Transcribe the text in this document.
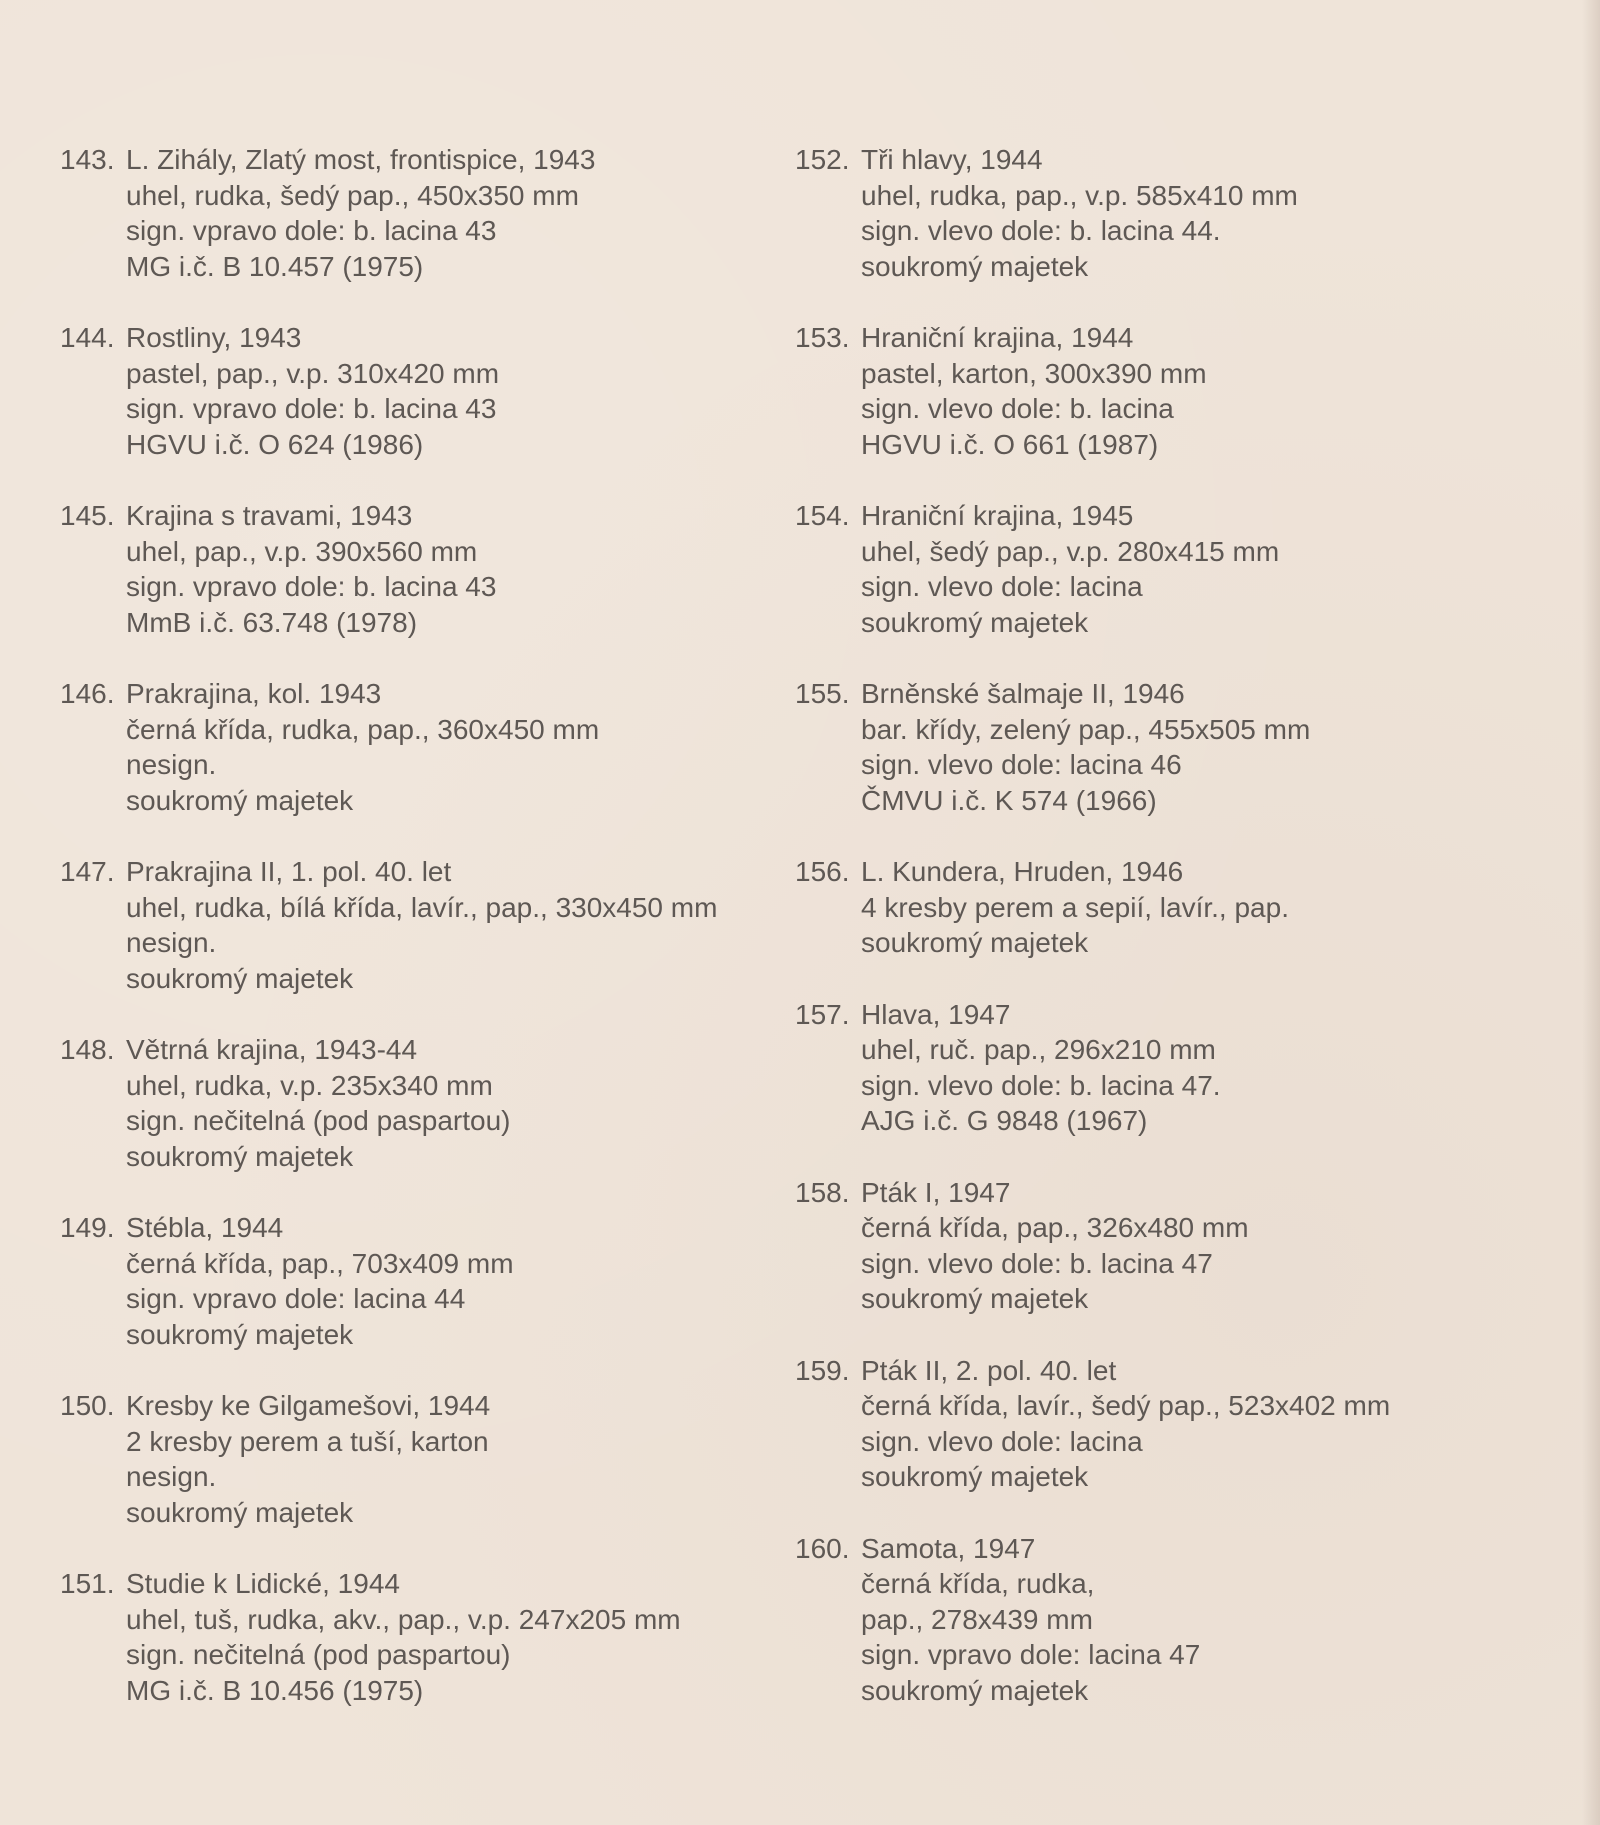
143. L. Zihály, Zlatý most, frontispice, 1943
uhel, rudka, šedý pap., 450x350 mm
sign. vpravo dole: b. lacina 43
MG i.č. B 10.457 (1975)
144. Rostliny, 1943
pastel, pap., v.p. 310x420 mm
sign. vpravo dole: b. lacina 43
HGVU i.č. O 624 (1986)
145. Krajina s travami, 1943
uhel, pap., v.p. 390x560 mm
sign. vpravo dole: b. lacina 43
MmB i.č. 63.748 (1978)
146. Prakrajina, kol. 1943
černá křída, rudka, pap., 360x450 mm
nesign.
soukromý majetek
147. Prakrajina II, 1. pol. 40. let
uhel, rudka, bílá křída, lavír., pap., 330x450 mm
nesign.
soukromý majetek
148. Větrná krajina, 1943-44
uhel, rudka, v.p. 235x340 mm
sign. nečitelná (pod paspartou)
soukromý majetek
149. Stébla, 1944
černá křída, pap., 703x409 mm
sign. vpravo dole: lacina 44
soukromý majetek
150. Kresby ke Gilgamešovi, 1944
2 kresby perem a tuší, karton
nesign.
soukromý majetek
151. Studie k Lidické, 1944
uhel, tuš, rudka, akv., pap., v.p. 247x205 mm
sign. nečitelná (pod paspartou)
MG i.č. B 10.456 (1975)
152. Tři hlavy, 1944
uhel, rudka, pap., v.p. 585x410 mm
sign. vlevo dole: b. lacina 44.
soukromý majetek
153. Hraniční krajina, 1944
pastel, karton, 300x390 mm
sign. vlevo dole: b. lacina
HGVU i.č. O 661 (1987)
154. Hraniční krajina, 1945
uhel, šedý pap., v.p. 280x415 mm
sign. vlevo dole: lacina
soukromý majetek
155. Brněnské šalmaje II, 1946
bar. křídy, zelený pap., 455x505 mm
sign. vlevo dole: lacina 46
ČMVU i.č. K 574 (1966)
156. L. Kundera, Hruden, 1946
4 kresby perem a sepií, lavír., pap.
soukromý majetek
157. Hlava, 1947
uhel, ruč. pap., 296x210 mm
sign. vlevo dole: b. lacina 47.
AJG i.č. G 9848 (1967)
158. Pták I, 1947
černá křída, pap., 326x480 mm
sign. vlevo dole: b. lacina 47
soukromý majetek
159. Pták II, 2. pol. 40. let
černá křída, lavír., šedý pap., 523x402 mm
sign. vlevo dole: lacina
soukromý majetek
160. Samota, 1947
černá křída, rudka,
pap., 278x439 mm
sign. vpravo dole: lacina 47
soukromý majetek
